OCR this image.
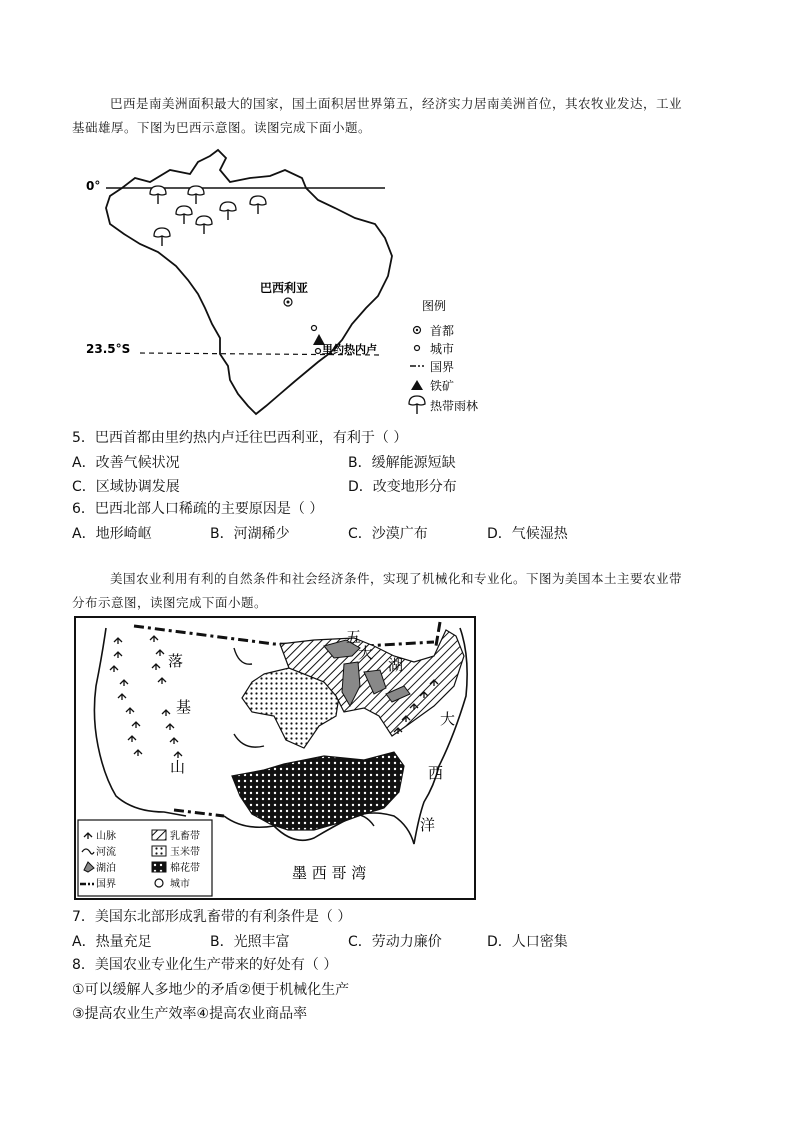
巴西是南美洲面积最大的国家，国土面积居世界第五，经济实力居南美洲首位，其农牧业发达，工业
基础雄厚。下图为巴西示意图。读图完成下面小题。
0°
23.5°S
巴西利亚
里约热内卢
图例
首都
城市
国界
铁矿
热带雨林
5．巴西首都由里约热内卢迁往巴西利亚，有利于（ ）
A．改善气候状况	B．缓解能源短缺
C．区域协调发展	D．改变地形分布
6．巴西北部人口稀疏的主要原因是（ ）
A．地形崎岖	B．河湖稀少	C．沙漠广布	D．气候湿热
美国农业利用有利的自然条件和社会经济条件，实现了机械化和专业化。下图为美国本土主要农业带
分布示意图，读图完成下面小题。
落
基
山
五
大
湖
大
西
洋
墨 西 哥 湾
山脉	乳畜带
河流	玉米带
湖泊	棉花带
国界	城市
7．美国东北部形成乳畜带的有利条件是（ ）
A．热量充足	B．光照丰富	C．劳动力廉价	D．人口密集
8．美国农业专业化生产带来的好处有（ ）
①可以缓解人多地少的矛盾②便于机械化生产
③提高农业生产效率④提高农业商品率
